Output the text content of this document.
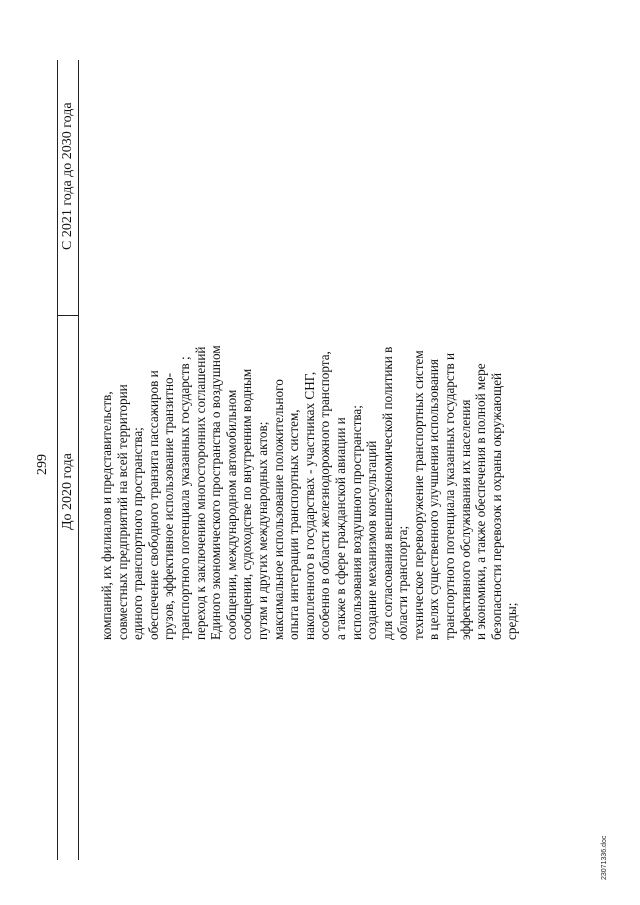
299 До 2020 года
С 2021 года до 2030 года
компаний, их филиалов и представительств, совместных предприятий на всей территории единого транспортного пространства; обеспечение свободного транзита пассажиров и грузов, эффективное использование транзитно- транспортного потенциала указанных государств ; переход к заключению многосторонних соглашений Единого экономического пространства о воздушном сообщении, международном автомобильном сообщении, судоходстве по внутренним водным путям и других международных актов; максимальное использование положительного опыта интеграции транспортных систем, накопленного в государствах - участниках СНГ, особенно в области железнодорожного транспорта, а также в сфере гражданской авиации и использования воздушного пространства; создание механизмов консультаций для согласования внешнеэкономической политики в области транспорта; техническое перевооружение транспортных систем в целях существенного улучшения использования транспортного потенциала указанных государств и эффективного обслуживания их населения и экономики, а также обеспечения в полной мере безопасности перевозок и охраны окружающей среды;
23071336.doc
